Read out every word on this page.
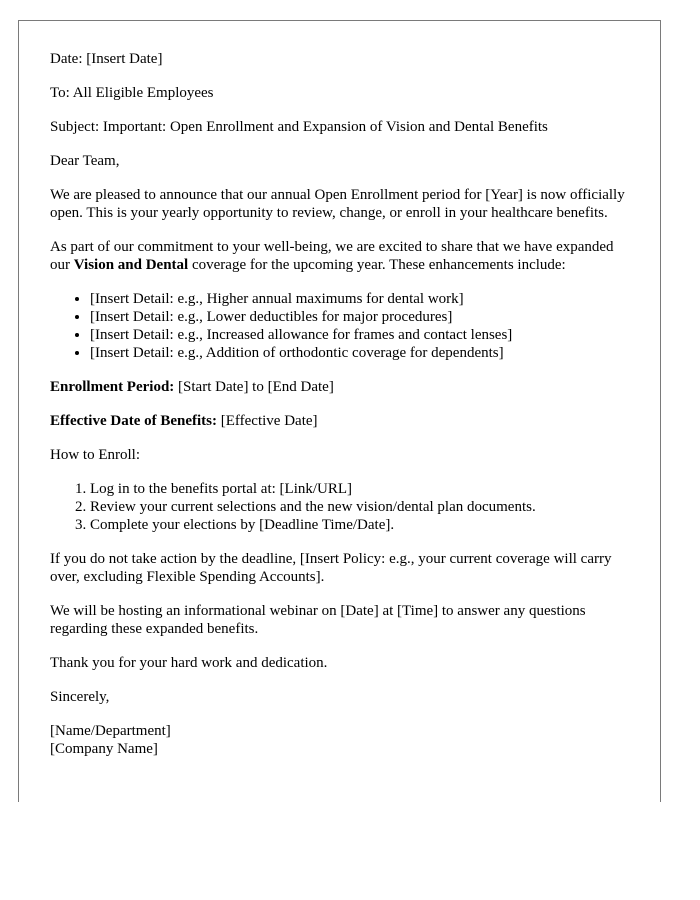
Date: [Insert Date]

To: All Eligible Employees

Subject: Important: Open Enrollment and Expansion of Vision and Dental Benefits

Dear Team,

We are pleased to announce that our annual Open Enrollment period for [Year] is now officially open. This is your yearly opportunity to review, change, or enroll in your healthcare benefits.

As part of our commitment to your well-being, we are excited to share that we have expanded our Vision and Dental coverage for the upcoming year. These enhancements include:

• [Insert Detail: e.g., Higher annual maximums for dental work]
• [Insert Detail: e.g., Lower deductibles for major procedures]
• [Insert Detail: e.g., Increased allowance for frames and contact lenses]
• [Insert Detail: e.g., Addition of orthodontic coverage for dependents]

Enrollment Period: [Start Date] to [End Date]

Effective Date of Benefits: [Effective Date]

How to Enroll:

1. Log in to the benefits portal at: [Link/URL]
2. Review your current selections and the new vision/dental plan documents.
3. Complete your elections by [Deadline Time/Date].

If you do not take action by the deadline, [Insert Policy: e.g., your current coverage will carry over, excluding Flexible Spending Accounts].

We will be hosting an informational webinar on [Date] at [Time] to answer any questions regarding these expanded benefits.

Thank you for your hard work and dedication.

Sincerely,

[Name/Department]

[Company Name]
